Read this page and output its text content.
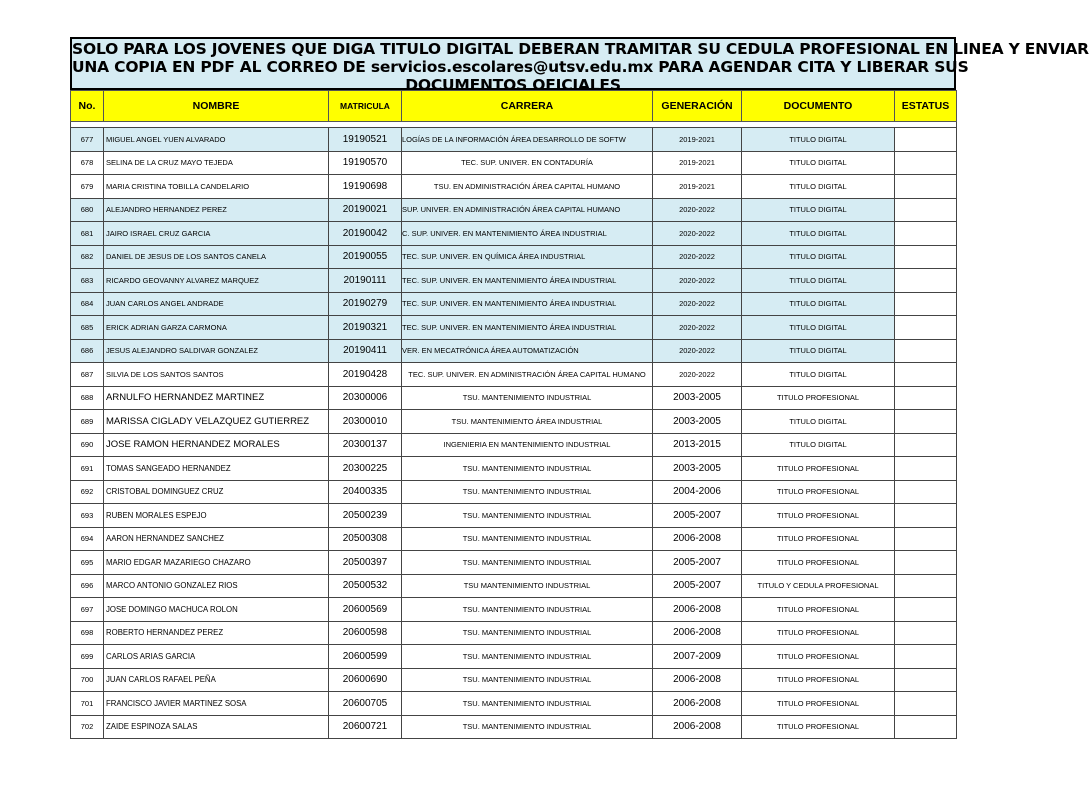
SOLO PARA LOS JOVENES QUE DIGA TITULO DIGITAL DEBERAN TRAMITAR SU CEDULA PROFESIONAL EN LINEA Y ENVIAR
UNA COPIA EN PDF AL CORREO DE servicios.escolares@utsv.edu.mx PARA AGENDAR CITA Y LIBERAR SUS
DOCUMENTOS OFICIALES
No.	NOMBRE	MATRICULA	CARRERA	GENERACIÓN	DOCUMENTO	ESTATUS

677	MIGUEL ANGEL YUEN ALVARADO	19190521	LOGÍAS DE LA INFORMACIÓN ÁREA DESARROLLO DE SOFTW	2019-2021	TITULO DIGITAL	
678	SELINA DE LA CRUZ MAYO TEJEDA	19190570	TEC. SUP. UNIVER. EN CONTADURÍA	2019-2021	TITULO DIGITAL	
679	MARIA CRISTINA TOBILLA CANDELARIO	19190698	TSU. EN ADMINISTRACIÓN ÁREA CAPITAL HUMANO	2019-2021	TITULO DIGITAL	
680	ALEJANDRO HERNANDEZ PEREZ	20190021	SUP. UNIVER. EN ADMINISTRACIÓN ÁREA CAPITAL HUMANO	2020-2022	TITULO DIGITAL	
681	JAIRO ISRAEL CRUZ GARCIA	20190042	C. SUP. UNIVER. EN MANTENIMIENTO ÁREA INDUSTRIAL	2020-2022	TITULO DIGITAL	
682	DANIEL DE JESUS DE LOS SANTOS CANELA	20190055	TEC. SUP. UNIVER. EN QUÍMICA ÁREA INDUSTRIAL	2020-2022	TITULO DIGITAL	
683	RICARDO GEOVANNY ALVAREZ MARQUEZ	20190111	TEC. SUP. UNIVER. EN MANTENIMIENTO ÁREA INDUSTRIAL	2020-2022	TITULO DIGITAL	
684	JUAN CARLOS ANGEL ANDRADE	20190279	TEC. SUP. UNIVER. EN MANTENIMIENTO ÁREA INDUSTRIAL	2020-2022	TITULO DIGITAL	
685	ERICK ADRIAN GARZA CARMONA	20190321	TEC. SUP. UNIVER. EN MANTENIMIENTO ÁREA INDUSTRIAL	2020-2022	TITULO DIGITAL	
686	JESUS ALEJANDRO SALDIVAR GONZALEZ	20190411	VER. EN MECATRÓNICA ÁREA AUTOMATIZACIÓN	2020-2022	TITULO DIGITAL	
687	SILVIA DE LOS SANTOS SANTOS	20190428	TEC. SUP. UNIVER. EN ADMINISTRACIÓN ÁREA CAPITAL HUMANO	2020-2022	TITULO DIGITAL	
688	ARNULFO HERNANDEZ MARTINEZ	20300006	TSU. MANTENIMIENTO INDUSTRIAL	2003-2005	TITULO PROFESIONAL	
689	MARISSA CIGLADY VELAZQUEZ GUTIERREZ	20300010	TSU. MANTENIMIENTO ÁREA INDUSTRIAL	2003-2005	TITULO DIGITAL	
690	JOSE RAMON HERNANDEZ MORALES	20300137	INGENIERIA EN MANTENIMIENTO INDUSTRIAL	2013-2015	TITULO DIGITAL	
691	TOMAS SANGEADO HERNANDEZ	20300225	TSU. MANTENIMIENTO INDUSTRIAL	2003-2005	TITULO PROFESIONAL	
692	CRISTOBAL DOMINGUEZ CRUZ	20400335	TSU. MANTENIMIENTO INDUSTRIAL	2004-2006	TITULO PROFESIONAL	
693	RUBEN MORALES ESPEJO	20500239	TSU. MANTENIMIENTO INDUSTRIAL	2005-2007	TITULO PROFESIONAL	
694	AARON HERNANDEZ SANCHEZ	20500308	TSU. MANTENIMIENTO INDUSTRIAL	2006-2008	TITULO PROFESIONAL	
695	MARIO EDGAR MAZARIEGO CHAZARO	20500397	TSU. MANTENIMIENTO INDUSTRIAL	2005-2007	TITULO PROFESIONAL	
696	MARCO ANTONIO GONZALEZ RIOS	20500532	TSU MANTENIMIENTO INDUSTRIAL	2005-2007	TITULO Y CEDULA PROFESIONAL	
697	JOSE DOMINGO MACHUCA ROLON	20600569	TSU. MANTENIMIENTO INDUSTRIAL	2006-2008	TITULO PROFESIONAL	
698	ROBERTO HERNANDEZ PEREZ	20600598	TSU. MANTENIMIENTO INDUSTRIAL	2006-2008	TITULO PROFESIONAL	
699	CARLOS ARIAS GARCIA	20600599	TSU. MANTENIMIENTO INDUSTRIAL	2007-2009	TITULO PROFESIONAL	
700	JUAN CARLOS RAFAEL PEÑA	20600690	TSU. MANTENIMIENTO INDUSTRIAL	2006-2008	TITULO PROFESIONAL	
701	FRANCISCO JAVIER MARTINEZ SOSA	20600705	TSU. MANTENIMIENTO INDUSTRIAL	2006-2008	TITULO PROFESIONAL	
702	ZAIDE ESPINOZA SALAS	20600721	TSU. MANTENIMIENTO INDUSTRIAL	2006-2008	TITULO PROFESIONAL	
